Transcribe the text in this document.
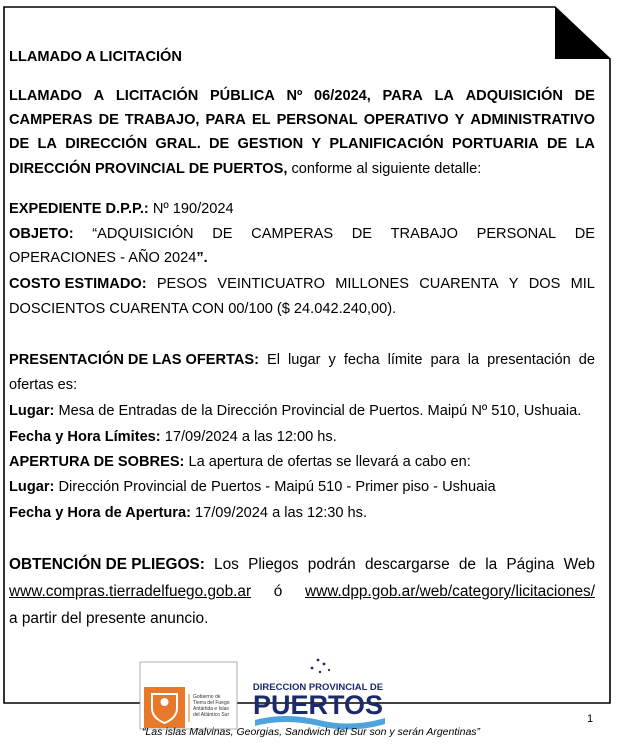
LLAMADO A LICITACIÓN
LLAMADO A LICITACIÓN PÚBLICA Nº 06/2024, PARA LA ADQUISICIÓN DE
CAMPERAS DE TRABAJO, PARA EL PERSONAL OPERATIVO Y ADMINISTRATIVO
DE LA DIRECCIÓN GRAL. DE GESTION Y PLANIFICACIÓN PORTUARIA DE LA
DIRECCIÓN PROVINCIAL DE PUERTOS, conforme al siguiente detalle:
EXPEDIENTE D.P.P.: Nº 190/2024
OBJETO: “ADQUISICIÓN DE CAMPERAS DE TRABAJO PERSONAL DE
OPERACIONES - AÑO 2024”.
COSTO ESTIMADO: PESOS VEINTICUATRO MILLONES CUARENTA Y DOS MIL
DOSCIENTOS CUARENTA CON 00/100 ($ 24.042.240,00).
PRESENTACIÓN DE LAS OFERTAS: El lugar y fecha límite para la presentación de
ofertas es:
Lugar: Mesa de Entradas de la Dirección Provincial de Puertos. Maipú Nº 510, Ushuaia.
Fecha y Hora Límites: 17/09/2024 a las 12:00 hs.
APERTURA DE SOBRES: La apertura de ofertas se llevará a cabo en:
Lugar: Dirección Provincial de Puertos - Maipú 510 - Primer piso - Ushuaia
Fecha y Hora de Apertura: 17/09/2024 a las 12:30 hs.
OBTENCIÓN DE PLIEGOS: Los Pliegos podrán descargarse de la Página Web
www.compras.tierradelfuego.gob.ar ó www.dpp.gob.ar/web/category/licitaciones/
a partir del presente anuncio.
Gobierno de
Tierra del Fuego
Antártida e Islas
del Atlántico Sur
DIRECCION PROVINCIAL DE
PUERTOS	1
“Las islas Malvinas, Georgias, Sandwich del Sur son y serán Argentinas”
